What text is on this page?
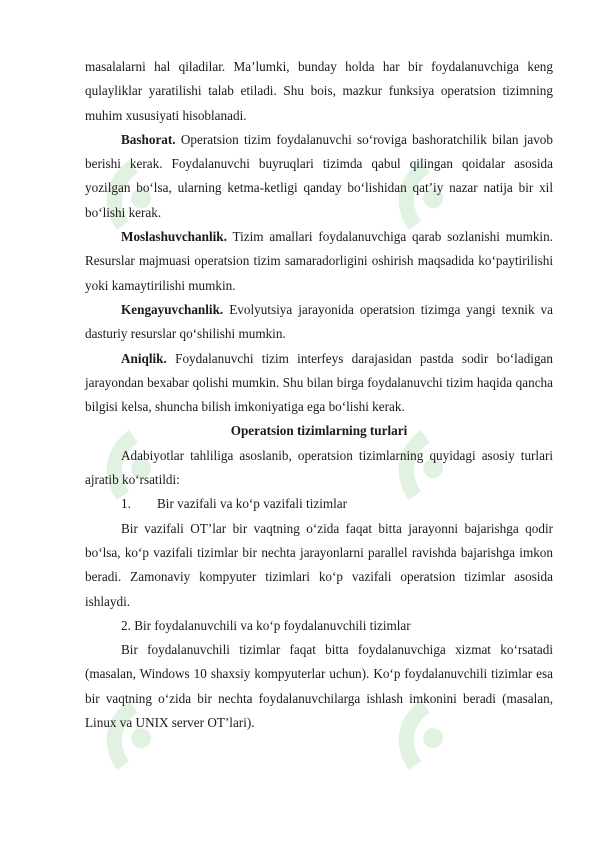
masalalarni hal qiladilar. Ma’lumki, bunday holda har bir foydalanuvchiga keng qulayliklar yaratilishi talab etiladi. Shu bois, mazkur funksiya operatsion tizimning muhim xususiyati hisoblanadi.

Bashorat. Operatsion tizim foydalanuvchi so‘roviga bashoratchilik bilan javob berishi kerak. Foydalanuvchi buyruqlari tizimda qabul qilingan qoidalar asosida yozilgan bo‘lsa, ularning ketma-ketligi qanday bo‘lishidan qat’iy nazar natija bir xil bo‘lishi kerak.

Moslashuvchanlik. Tizim amallari foydalanuvchiga qarab sozlanishi mumkin. Resurslar majmuasi operatsion tizim samaradorligini oshirish maqsadida ko‘paytirilishi yoki kamaytirilishi mumkin.

Kengayuvchanlik. Evolyutsiya jarayonida operatsion tizimga yangi texnik va dasturiy resurslar qo‘shilishi mumkin.

Aniqlik. Foydalanuvchi tizim interfeys darajasidan pastda sodir bo‘ladigan jarayondan bexabar qolishi mumkin. Shu bilan birga foydalanuvchi tizim haqida qancha bilgisi kelsa, shuncha bilish imkoniyatiga ega bo‘lishi kerak.

Operatsion tizimlarning turlari

Adabiyotlar tahliliga asoslanib, operatsion tizimlarning quyidagi asosiy turlari ajratib ko‘rsatildi:

1. Bir vazifali va ko‘p vazifali tizimlar

Bir vazifali OT’lar bir vaqtning o‘zida faqat bitta jarayonni bajarishga qodir bo‘lsa, ko‘p vazifali tizimlar bir nechta jarayonlarni parallel ravishda bajarishga imkon beradi. Zamonaviy kompyuter tizimlari ko‘p vazifali operatsion tizimlar asosida ishlaydi.

2. Bir foydalanuvchili va ko‘p foydalanuvchili tizimlar

Bir foydalanuvchili tizimlar faqat bitta foydalanuvchiga xizmat ko‘rsatadi (masalan, Windows 10 shaxsiy kompyuterlar uchun). Ko‘p foydalanuvchili tizimlar esa bir vaqtning o‘zida bir nechta foydalanuvchilarga ishlash imkonini beradi (masalan, Linux va UNIX server OT’lari).
